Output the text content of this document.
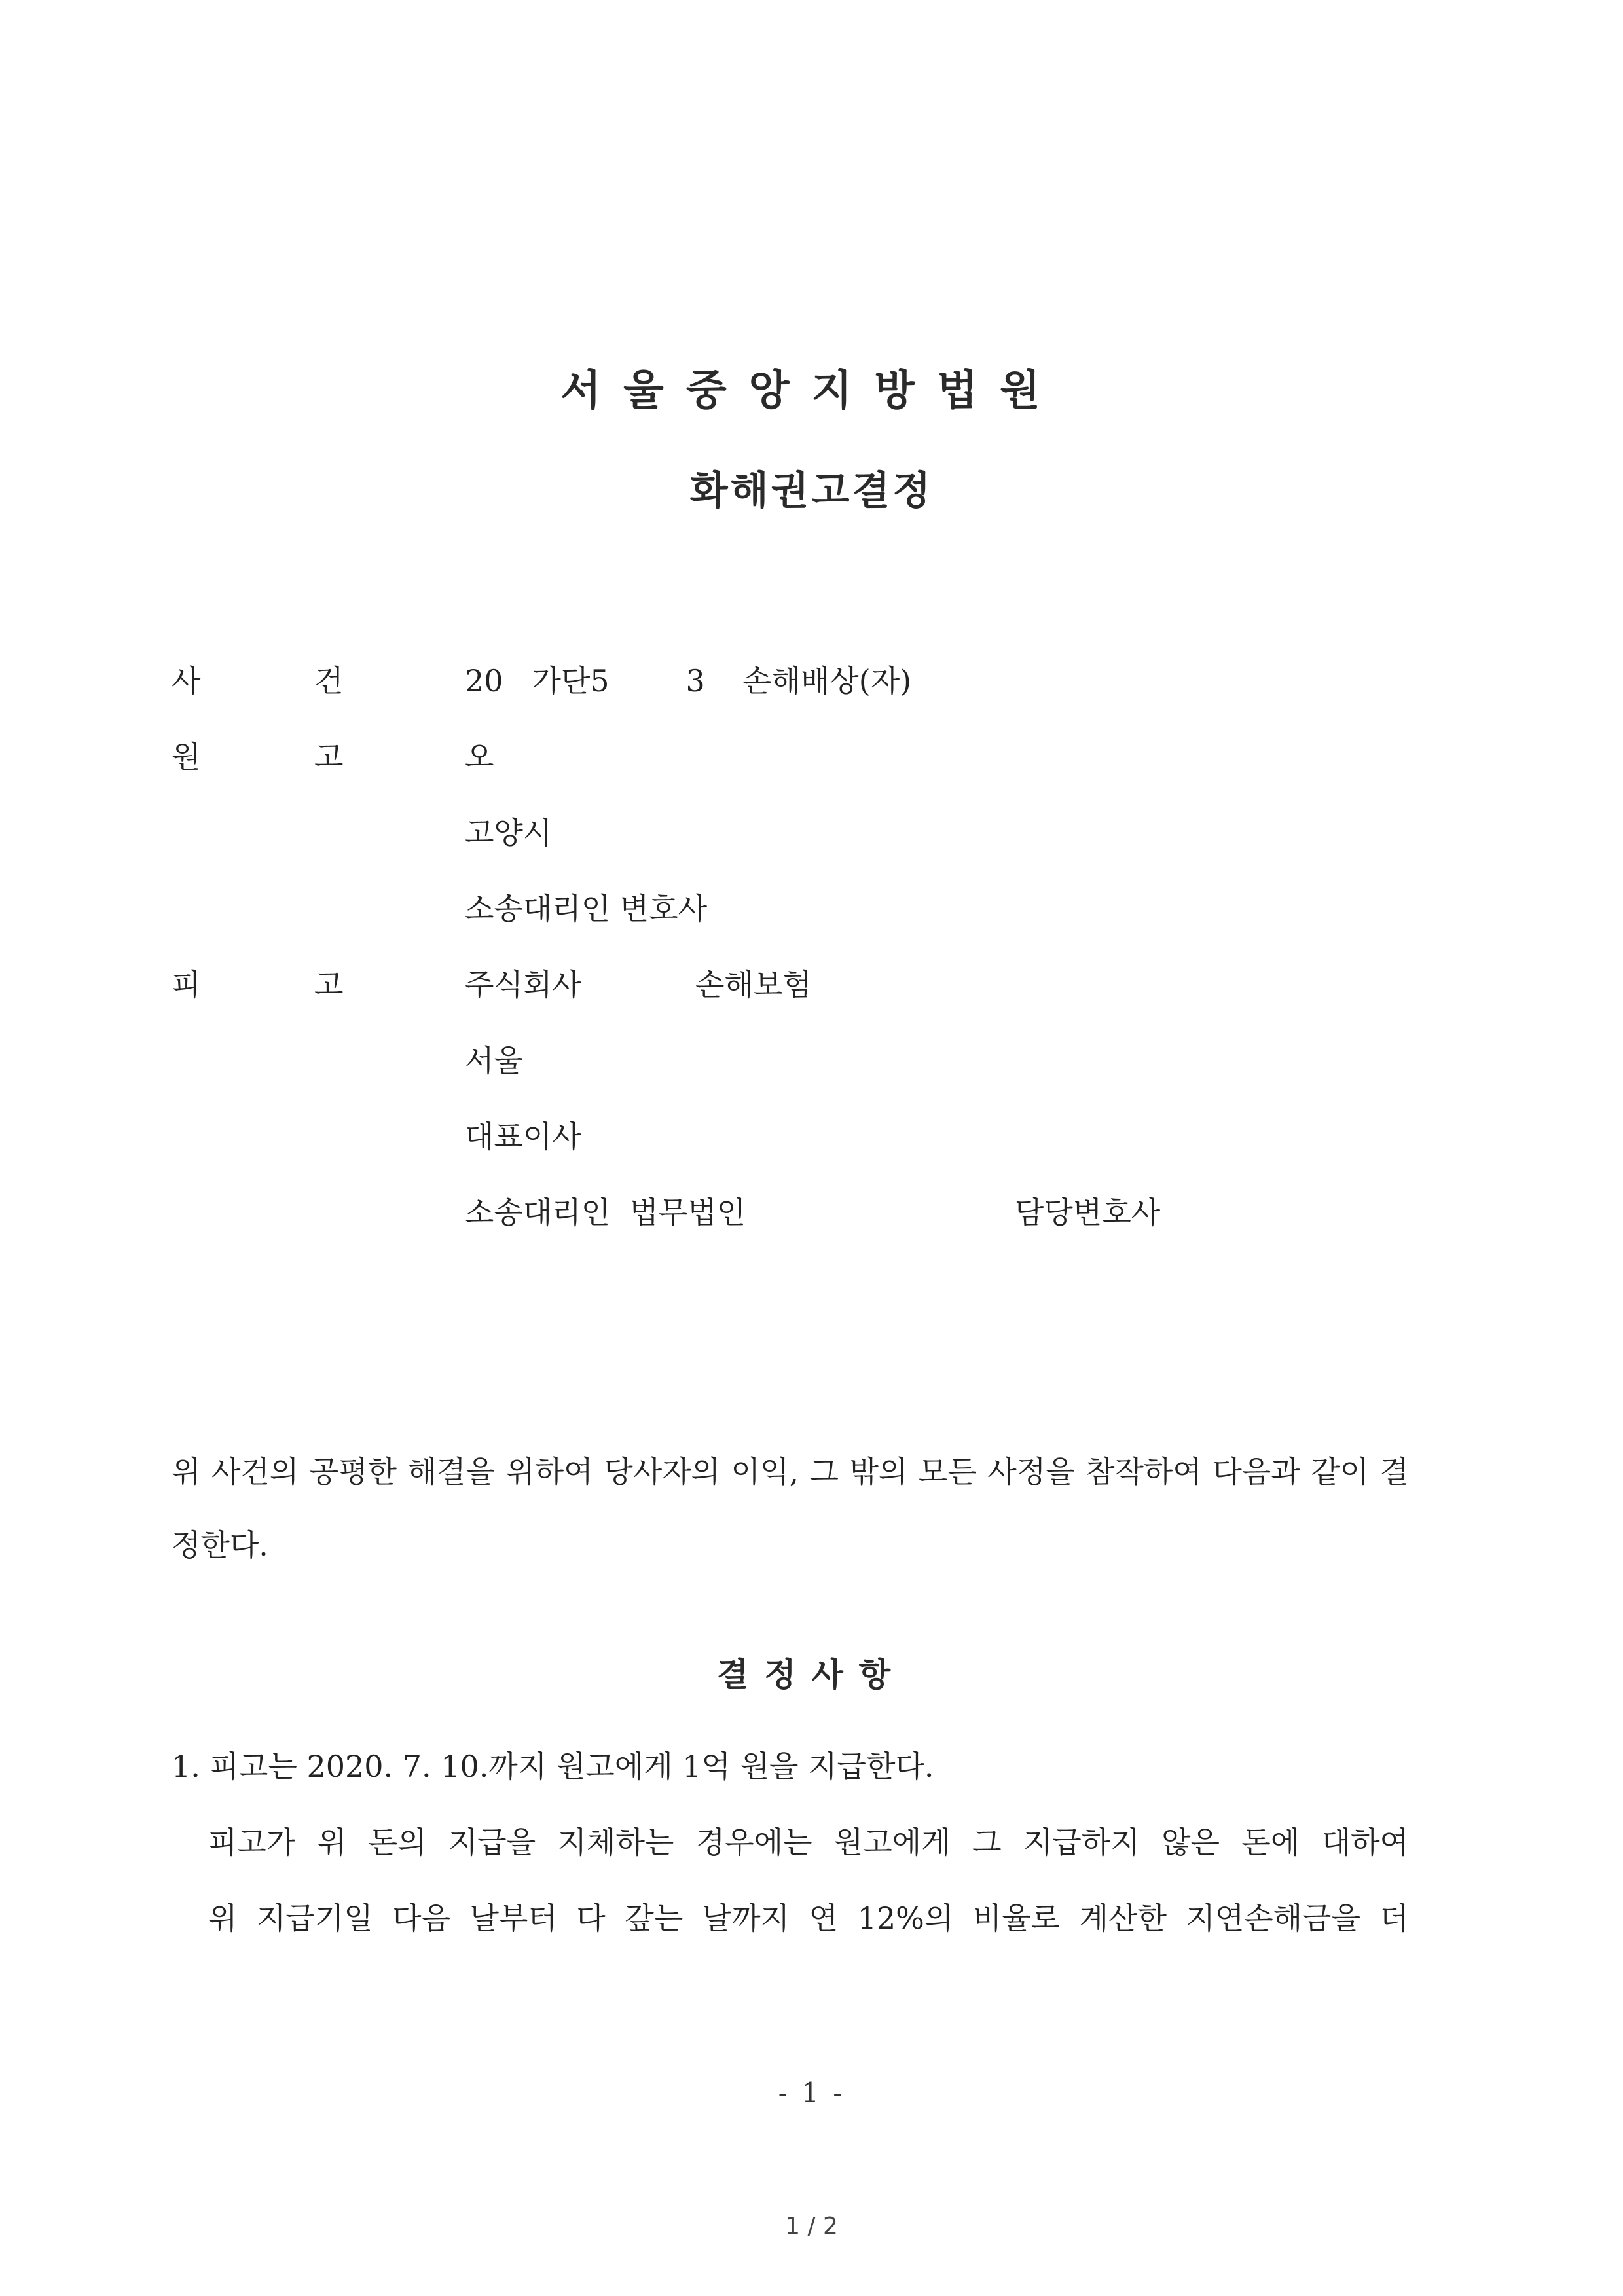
서울중앙지방법원
화해권고결정
사	건	20   가단5        3 손해배상(자)
원	고	오
고양시
소송대리인 변호사
피	고	주식회사	손해보험
서울
대표이사
소송대리인  법무법인	담당변호사
위 사건의 공평한 해결을 위하여 당사자의 이익, 그 밖의 모든 사정을 참작하여 다음과 같이 결정한다.
결정사항
1. 피고는 2020. 7. 10.까지 원고에게 1억 원을 지급한다.
피고가 위 돈의 지급을 지체하는 경우에는 원고에게 그 지급하지 않은 돈에 대하여
위 지급기일 다음 날부터 다 갚는 날까지 연 12%의 비율로 계산한 지연손해금을 더
- 1 -
1 / 2
